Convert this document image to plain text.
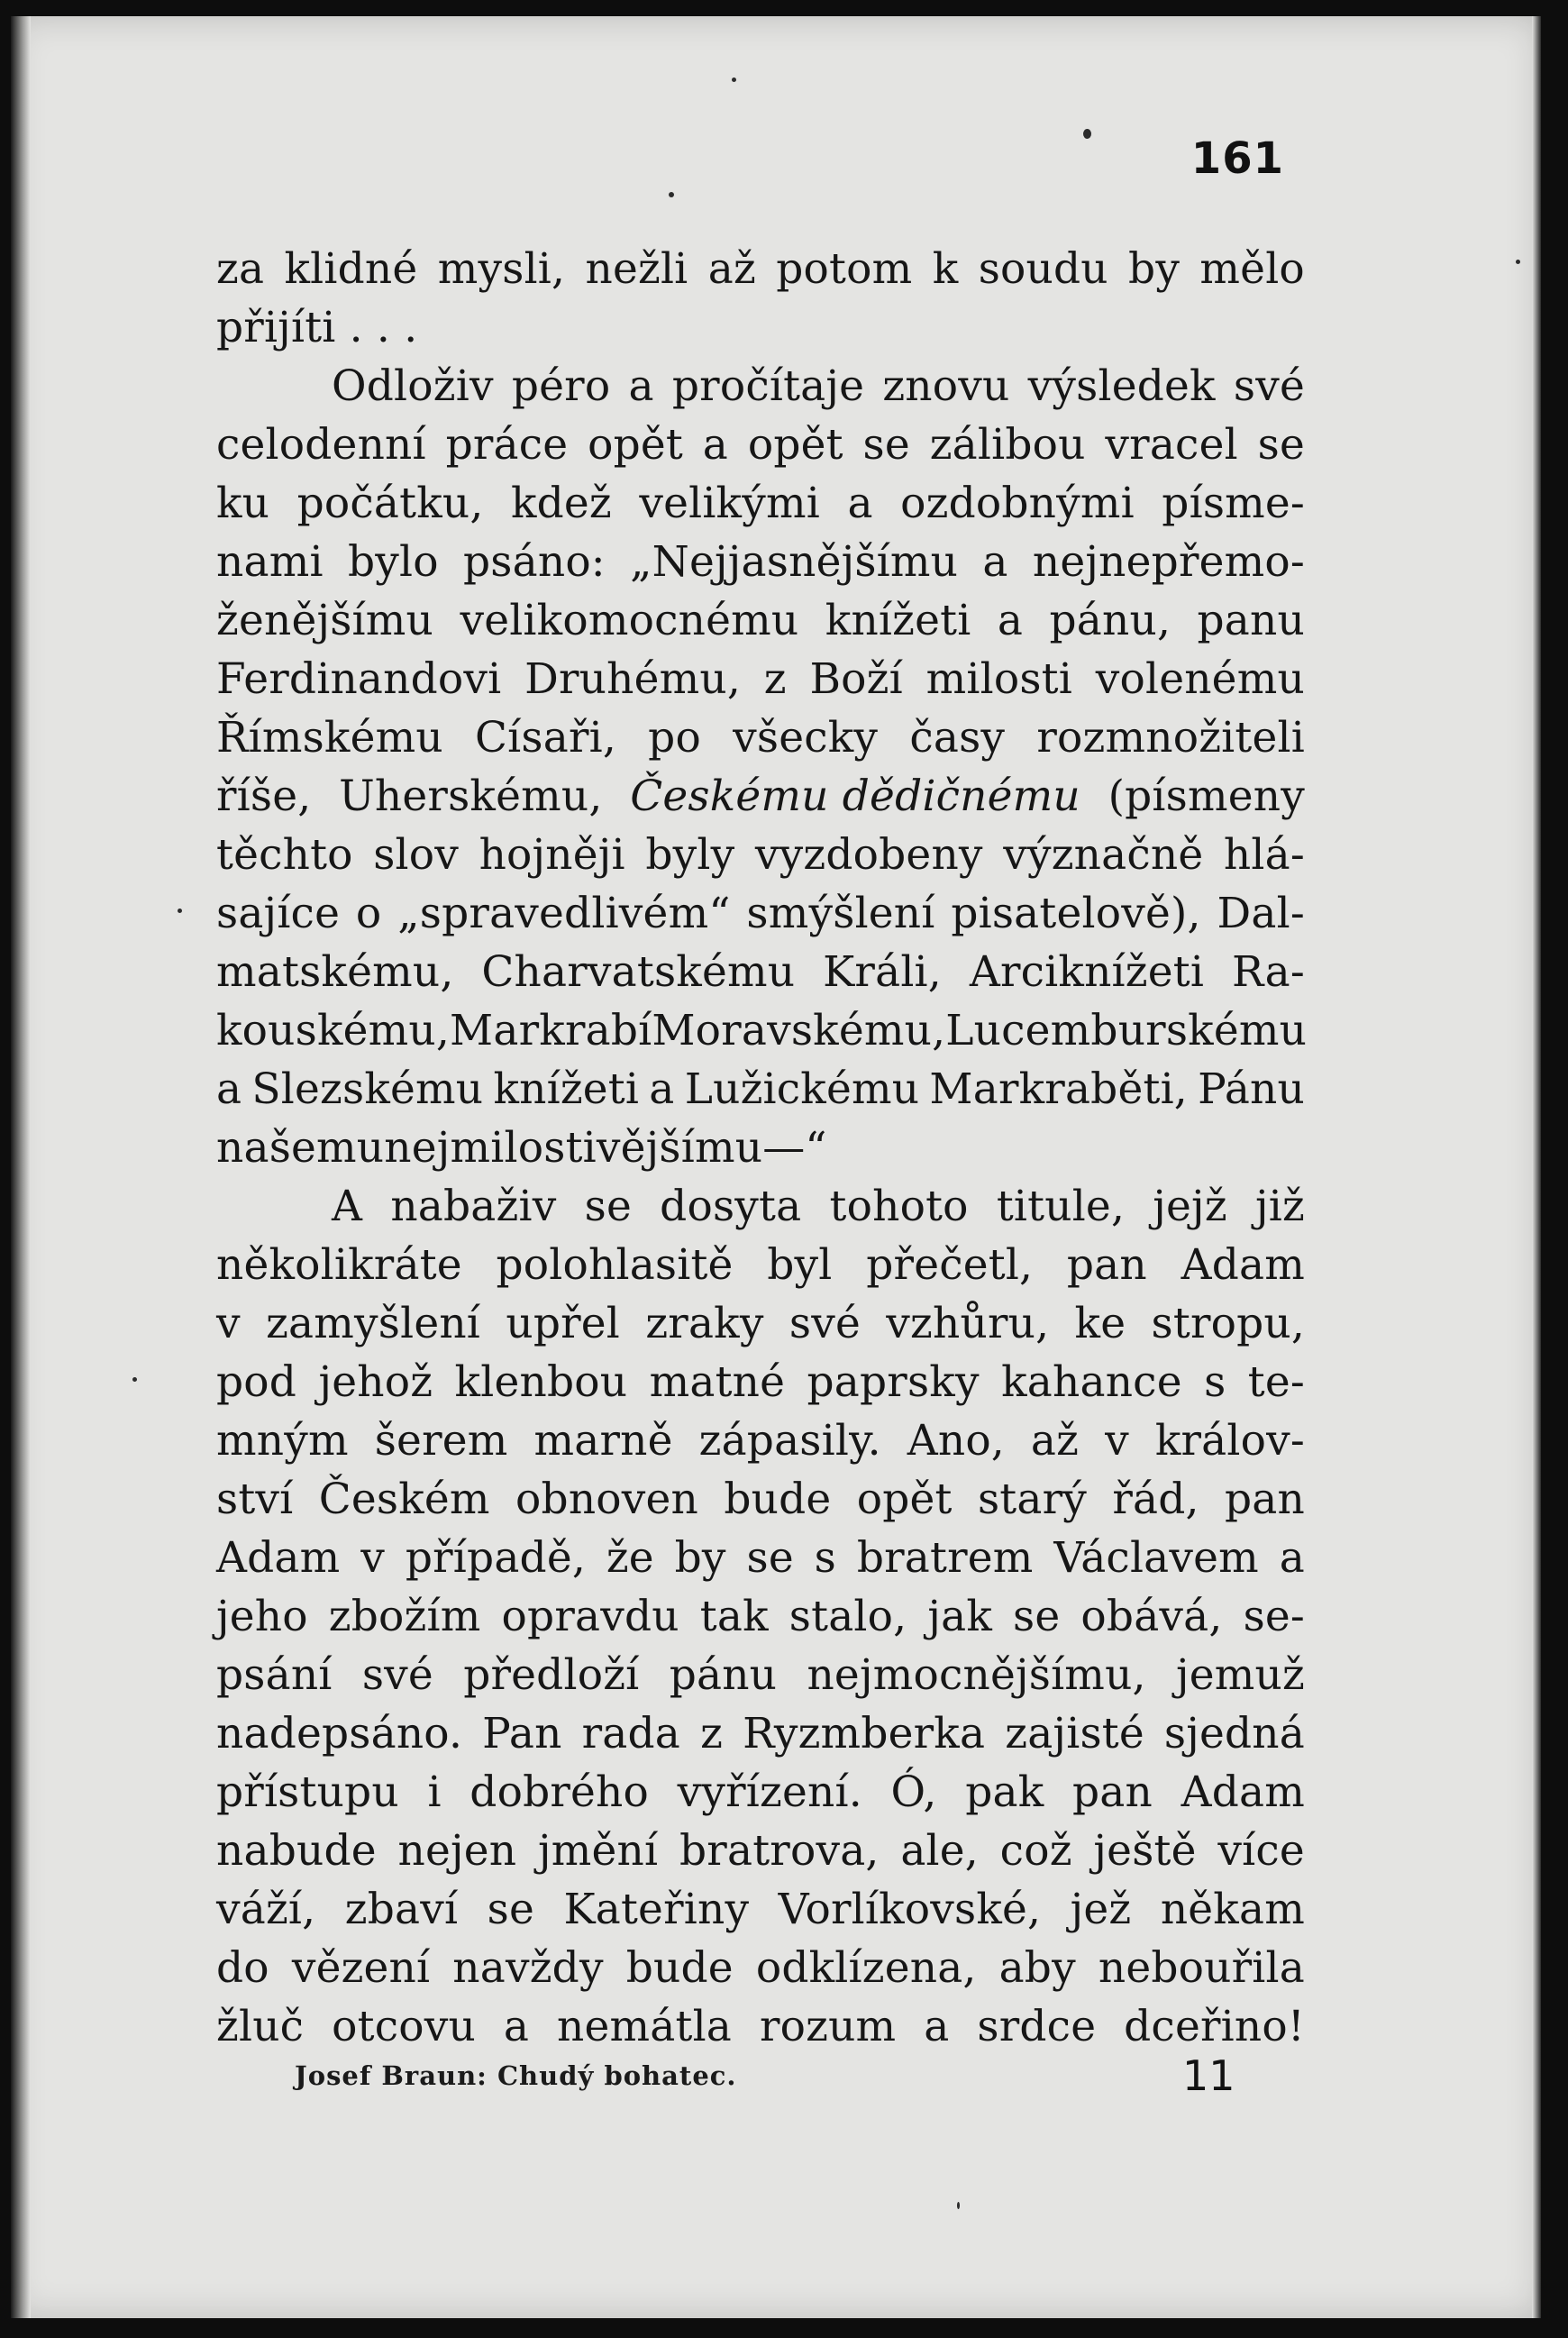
161
za klidné mysli, nežli až potom k soudu by mělo
přijíti . . .
Odloživ péro a pročítaje znovu výsledek své
celodenní práce opět a opět se zálibou vracel se
ku počátku, kdež velikými a ozdobnými písme-
nami bylo psáno: „Nejjasnějšímu a nejnepřemo-
ženějšímu velikomocnému knížeti a pánu, panu
Ferdinandovi Druhému, z Boží milosti volenému
Římskému Císaři, po všecky časy rozmnožiteli
říše, Uherskému, Českému dědičnému (písmeny
těchto slov hojněji byly vyzdobeny význačně hlá-
sajíce o „spravedlivém“ smýšlení pisatelově), Dal-
matskému, Charvatskému Králi, Arciknížeti Ra-
kouskému, Markrabí Moravskému, Lucemburskému
a Slezskému knížeti a Lužickému Markraběti, Pánu
našemu nejmilostivějšímu —“
A nabaživ se dosyta tohoto titule, jejž již
několikráte polohlasitě byl přečetl, pan Adam
v zamyšlení upřel zraky své vzhůru, ke stropu,
pod jehož klenbou matné paprsky kahance s te-
mným šerem marně zápasily. Ano, až v králov-
ství Českém obnoven bude opět starý řád, pan
Adam v případě, že by se s bratrem Václavem a
jeho zbožím opravdu tak stalo, jak se obává, se-
psání své předloží pánu nejmocnějšímu, jemuž
nadepsáno. Pan rada z Ryzmberka zajisté sjedná
přístupu i dobrého vyřízení. Ó, pak pan Adam
nabude nejen jmění bratrova, ale, což ještě více
váží, zbaví se Kateřiny Vorlíkovské, jež někam
do vězení navždy bude odklízena, aby nebouřila
žluč otcovu a nemátla rozum a srdce dceřino!
Josef Braun: Chudý bohatec.	11
